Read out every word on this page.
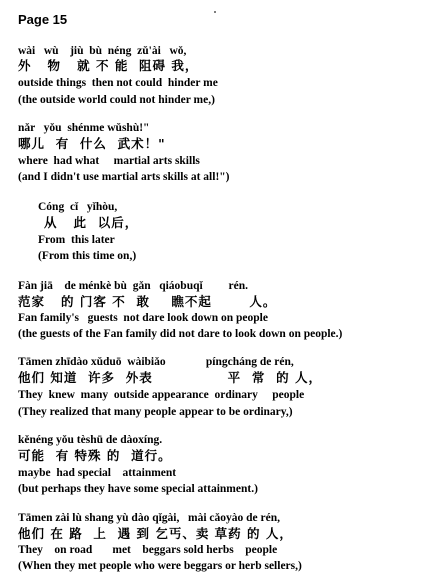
Page 15
wài   wù    jiù  bù  néng  zǔ'ài   wǒ,
外   物   就 不 能  阻碍 我，
outside things  then not could  hinder me
(the outside world could not hinder me,)
nǎr   yǒu  shénme wǔshù!"
哪儿  有  什么  武术！"
where  had what     martial arts skills
(and I didn't use martial arts skills at all!")
Cóng  cǐ   yǐhòu,
从   此  以后，
From  this later
(From this time on,)
Fàn jiā    de ménkè bù  gǎn   qiáobuqǐ         rén.
范家   的 门客 不  敢    瞧不起       人。
Fan family's   guests  not dare look down on people
(the guests of the Fan family did not dare to look down on people.)
Tāmen zhīdào xǔduō  wàibiǎo              píngcháng de rén,
他们 知道  许多  外表              平  常  的 人，
They  knew  many  outside appearance  ordinary     people
(They realized that many people appear to be ordinary,)
kěnéng yǒu tèshū de dàoxíng.
可能  有 特殊 的  道行。
maybe  had special    attainment
(but perhaps they have some special attainment.)
Tāmen zài lù shang yù dào qǐgài,   mài cǎoyào de rén,
他们 在 路  上  遇 到 乞丐、卖 草药 的 人，
They    on road       met    beggars sold herbs    people
(When they met people who were beggars or herb sellers,)
